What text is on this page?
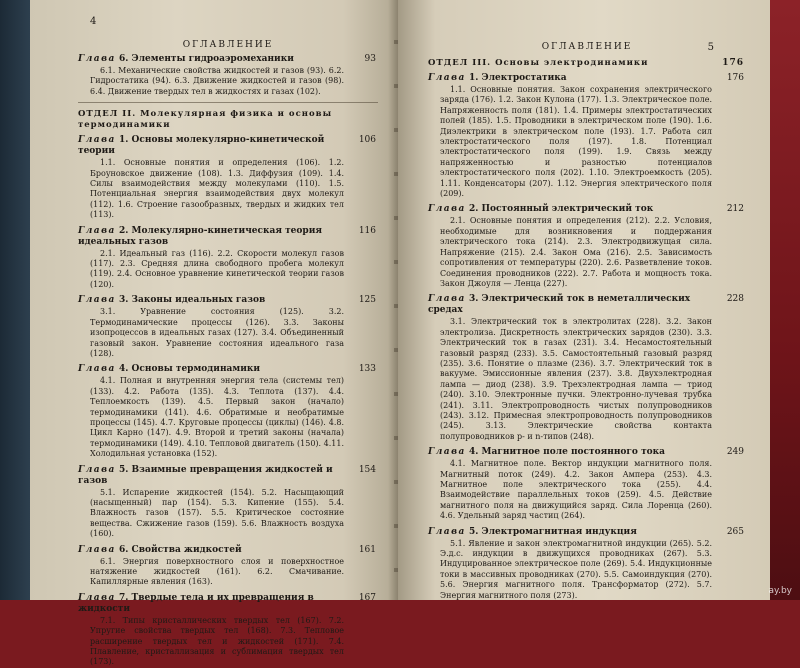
4
ОГЛАВЛЕНИЕ
Глава 6. Элементы гидроаэромеханики
6.1. Механические свойства жидкостей и газов (93). 6.2. Гидростатика (94). 6.3. Движение жидкостей и газов (98). 6.4. Движение твердых тел в жидкостях и газах (102).
93
ОТДЕЛ II. Молекулярная физика и основы термодинамики
Глава 1. Основы молекулярно-кинетической теории
1.1. Основные понятия и определения (106). 1.2. Броуновское движение (108). 1.3. Диффузия (109). 1.4. Силы взаимодействия между молекулами (110). 1.5. Потенциальная энергия взаимодействия двух молекул (112). 1.6. Строение газообразных, твердых и жидких тел (113).
106
Глава 2. Молекулярно-кинетическая теория идеальных газов
2.1. Идеальный газ (116). 2.2. Скорости молекул газов (117). 2.3. Средняя длина свободного пробега молекул (119). 2.4. Основное уравнение кинетической теории газов (120).
116
Глава 3. Законы идеальных газов
3.1. Уравнение состояния (125). 3.2. Термодинамические процессы (126). 3.3. Законы изопроцессов в идеальных газах (127). 3.4. Объединенный газовый закон. Уравнение состояния идеального газа (128).
125
Глава 4. Основы термодинамики
4.1. Полная и внутренняя энергия тела (системы тел) (133). 4.2. Работа (135). 4.3. Теплота (137). 4.4. Теплоемкость (139). 4.5. Первый закон (начало) термодинамики (141). 4.6. Обратимые и необратимые процессы (145). 4.7. Круговые процессы (циклы) (146). 4.8. Цикл Карно (147). 4.9. Второй и третий законы (начала) термодинамики (149). 4.10. Тепловой двигатель (150). 4.11. Холодильная установка (152).
133
Глава 5. Взаимные превращения жидкостей и газов
5.1. Испарение жидкостей (154). 5.2. Насыщающий (насыщенный) пар (154). 5.3. Кипение (155). 5.4. Влажность газов (157). 5.5. Критическое состояние вещества. Сжижение газов (159). 5.6. Влажность воздуха (160).
154
Глава 6. Свойства жидкостей
6.1. Энергия поверхностного слоя и поверхностное натяжение жидкостей (161). 6.2. Смачивание. Капиллярные явления (163).
161
Глава 7. Твердые тела и их превращения в жидкости
7.1. Типы кристаллических твердых тел (167). 7.2. Упругие свойства твердых тел (168). 7.3. Тепловое расширение твердых тел и жидкостей (171). 7.4. Плавление, кристаллизация и сублимация твердых тел (173).
167
5
ОГЛАВЛЕНИЕ
ОТДЕЛ III. Основы электродинамики	176
Глава 1. Электростатика
1.1. Основные понятия. Закон сохранения электрического заряда (176). 1.2. Закон Кулона (177). 1.3. Электрическое поле. Напряженность поля (181). 1.4. Примеры электростатических полей (185). 1.5. Проводники в электрическом поле (190). 1.6. Диэлектрики в электрическом поле (193). 1.7. Работа сил электростатического поля (197). 1.8. Потенциал электростатического поля (199). 1.9. Связь между напряженностью и разностью потенциалов электростатического поля (202). 1.10. Электроемкость (205). 1.11. Конденсаторы (207). 1.12. Энергия электрического поля (209).
176
Глава 2. Постоянный электрический ток
2.1. Основные понятия и определения (212). 2.2. Условия, необходимые для возникновения и поддержания электрического тока (214). 2.3. Электродвижущая сила. Напряжение (215). 2.4. Закон Ома (216). 2.5. Зависимость сопротивления от температуры (220). 2.6. Разветвление токов. Соединения проводников (222). 2.7. Работа и мощность тока. Закон Джоуля — Ленца (227).
212
Глава 3. Электрический ток в неметаллических средах
3.1. Электрический ток в электролитах (228). 3.2. Закон электролиза. Дискретность электрических зарядов (230). 3.3. Электрический ток в газах (231). 3.4. Несамостоятельный газовый разряд (233). 3.5. Самостоятельный газовый разряд (235). 3.6. Понятие о плазме (236). 3.7. Электрический ток в вакууме. Эмиссионные явления (237). 3.8. Двухэлектродная лампа — диод (238). 3.9. Трехэлектродная лампа — триод (240). 3.10. Электронные пучки. Электронно-лучевая трубка (241). 3.11. Электропроводность чистых полупроводников (243). 3.12. Примесная электропроводность полупроводников (245). 3.13. Электрические свойства контакта полупроводников p- и n-типов (248).
228
Глава 4. Магнитное поле постоянного тока
4.1. Магнитное поле. Вектор индукции магнитного поля. Магнитный поток (249). 4.2. Закон Ампера (253). 4.3. Магнитное поле электрического тока (255). 4.4. Взаимодействие параллельных токов (259). 4.5. Действие магнитного поля на движущийся заряд. Сила Лоренца (260). 4.6. Удельный заряд частиц (264).
249
Глава 5. Электромагнитная индукция
5.1. Явление и закон электромагнитной индукции (265). 5.2. Э.д.с. индукции в движущихся проводниках (267). 5.3. Индуцированное электрическое поле (269). 5.4. Индукционные токи в массивных проводниках (270). 5.5. Самоиндукция (270). 5.6. Энергия магнитного поля. Трансформатор (272). 5.7. Энергия магнитного поля (273).
265
ay.by
